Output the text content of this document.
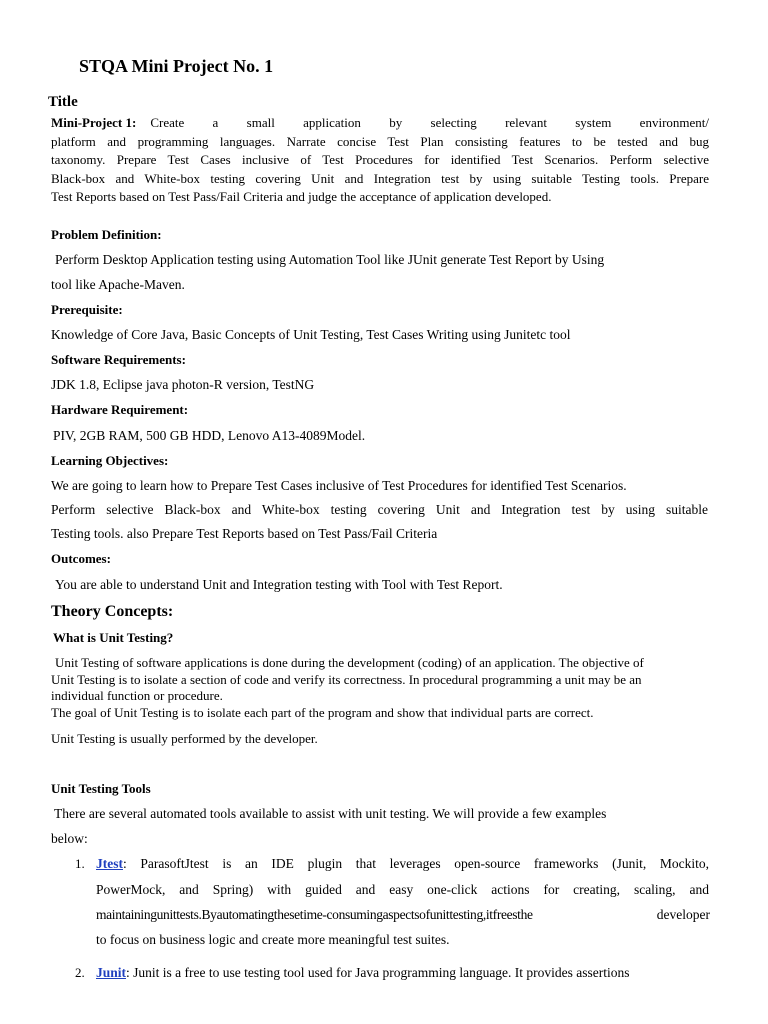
STQA Mini Project No. 1
Title
Mini-Project 1: Create a small application by selecting relevant system environment/
platform and programming languages. Narrate concise Test Plan consisting features to be tested and bug
taxonomy. Prepare Test Cases inclusive of Test Procedures for identified Test Scenarios. Perform selective
Black-box and White-box testing covering Unit and Integration test by using suitable Testing tools. Prepare
Test Reports based on Test Pass/Fail Criteria and judge the acceptance of application developed.
Problem Definition:
Perform Desktop Application testing using Automation Tool like JUnit generate Test Report by Using
tool like Apache-Maven.
Prerequisite:
Knowledge of Core Java, Basic Concepts of Unit Testing, Test Cases Writing using Junitetc tool
Software Requirements:
JDK 1.8, Eclipse java photon-R version, TestNG
Hardware Requirement:
PIV, 2GB RAM, 500 GB HDD, Lenovo A13-4089Model.
Learning Objectives:
We are going to learn how to Prepare Test Cases inclusive of Test Procedures for identified Test Scenarios.
Perform selective Black-box and White-box testing covering Unit and Integration test by using suitable
Testing tools. also Prepare Test Reports based on Test Pass/Fail Criteria
Outcomes:
You are able to understand Unit and Integration testing with Tool with Test Report.
Theory Concepts:
What is Unit Testing?
Unit Testing of software applications is done during the development (coding) of an application. The objective of
Unit Testing is to isolate a section of code and verify its correctness. In procedural programming a unit may be an
individual function or procedure.
The goal of Unit Testing is to isolate each part of the program and show that individual parts are correct.
Unit Testing is usually performed by the developer.
Unit Testing Tools
There are several automated tools available to assist with unit testing. We will provide a few examples
below:
1. Jtest : ParasoftJtest is an IDE plugin that leverages open-source frameworks (Junit, Mockito,
PowerMock, and Spring) with guided and easy one-click actions for creating, scaling, and
maintainingunittests.Byautomatingthesetime-consumingaspectsofunittesting,itfreesthe	developer
to focus on business logic and create more meaningful test suites.
2. Junit : Junit is a free to use testing tool used for Java programming language. It provides assertions
